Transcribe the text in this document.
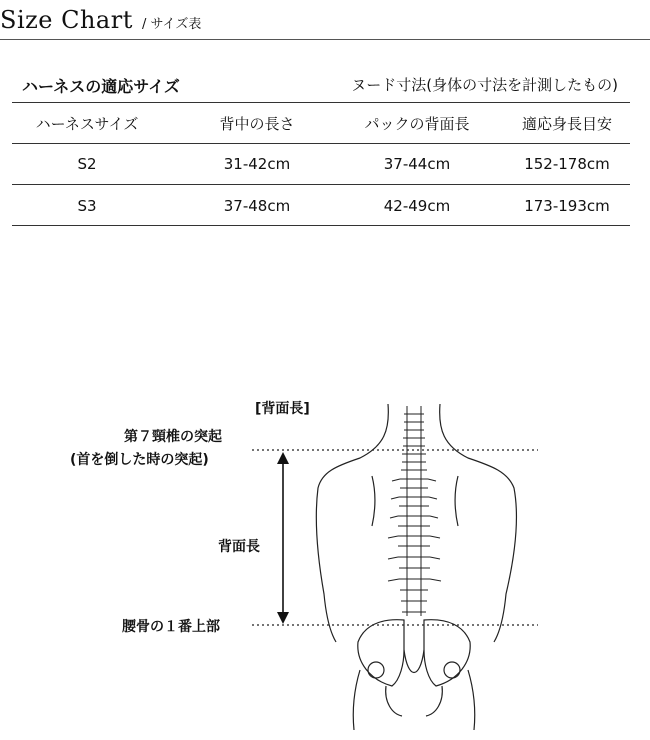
Size Chart / サイズ表
ハーネスの適応サイズ	ヌード寸法(身体の寸法を計測したもの)
ハーネスサイズ	背中の長さ	パックの背面長	適応身長目安
S2	31-42cm	37-44cm	152-178cm
S3	37-48cm	42-49cm	173-193cm
[背面長]
第７頸椎の突起
(首を倒した時の突起)
背面長
腰骨の１番上部
